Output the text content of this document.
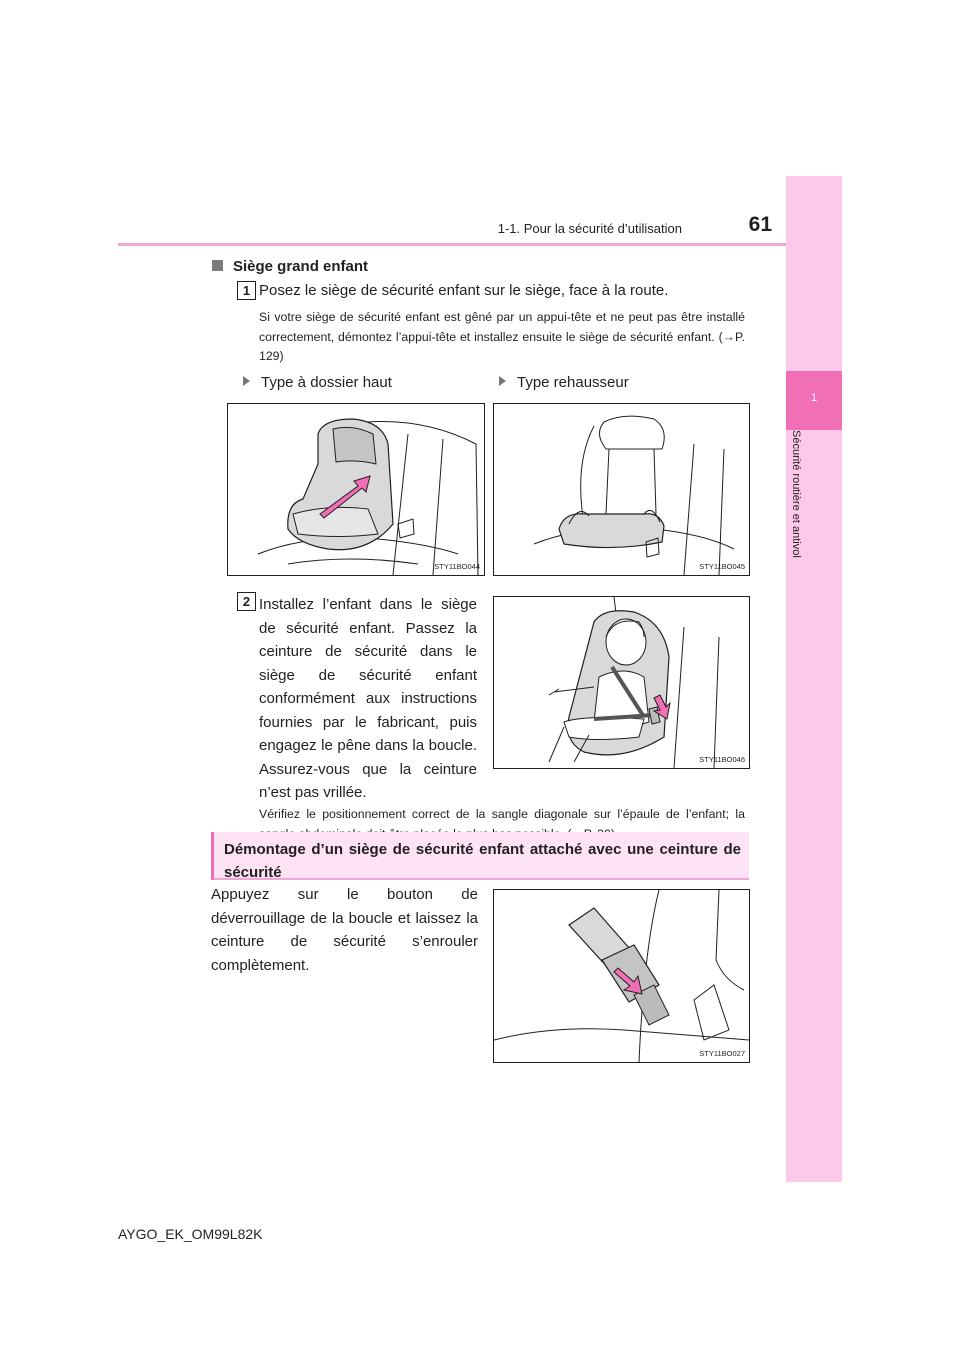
1-1. Pour la sécurité d’utilisation	61
1
Sécurité routière et antivol
Siège grand enfant
1 Posez le siège de sécurité enfant sur le siège, face à la route.
Si votre siège de sécurité enfant est gêné par un appui-tête et ne peut pas être installé correctement, démontez l’appui-tête et installez ensuite le siège de sécurité enfant. (→P. 129)
Type à dossier haut	Type rehausseur
STY11BO044	STY11BO045
2 Installez l’enfant dans le siège de sécurité enfant. Passez la ceinture de sécurité dans le siège de sécurité enfant conformément aux instructions fournies par le fabricant, puis engagez le pêne dans la boucle. Assurez-vous que la ceinture n’est pas vrillée.
STY11BO046
Vérifiez le positionnement correct de la sangle diagonale sur l’épaule de l’enfant; la
Démontage d’un siège de sécurité enfant attaché avec une ceinture de sécurité
Appuyez sur le bouton de déverrouillage de la boucle et laissez la ceinture de sécurité s’enrouler complètement.
STY11BO027
AYGO_EK_OM99L82K
